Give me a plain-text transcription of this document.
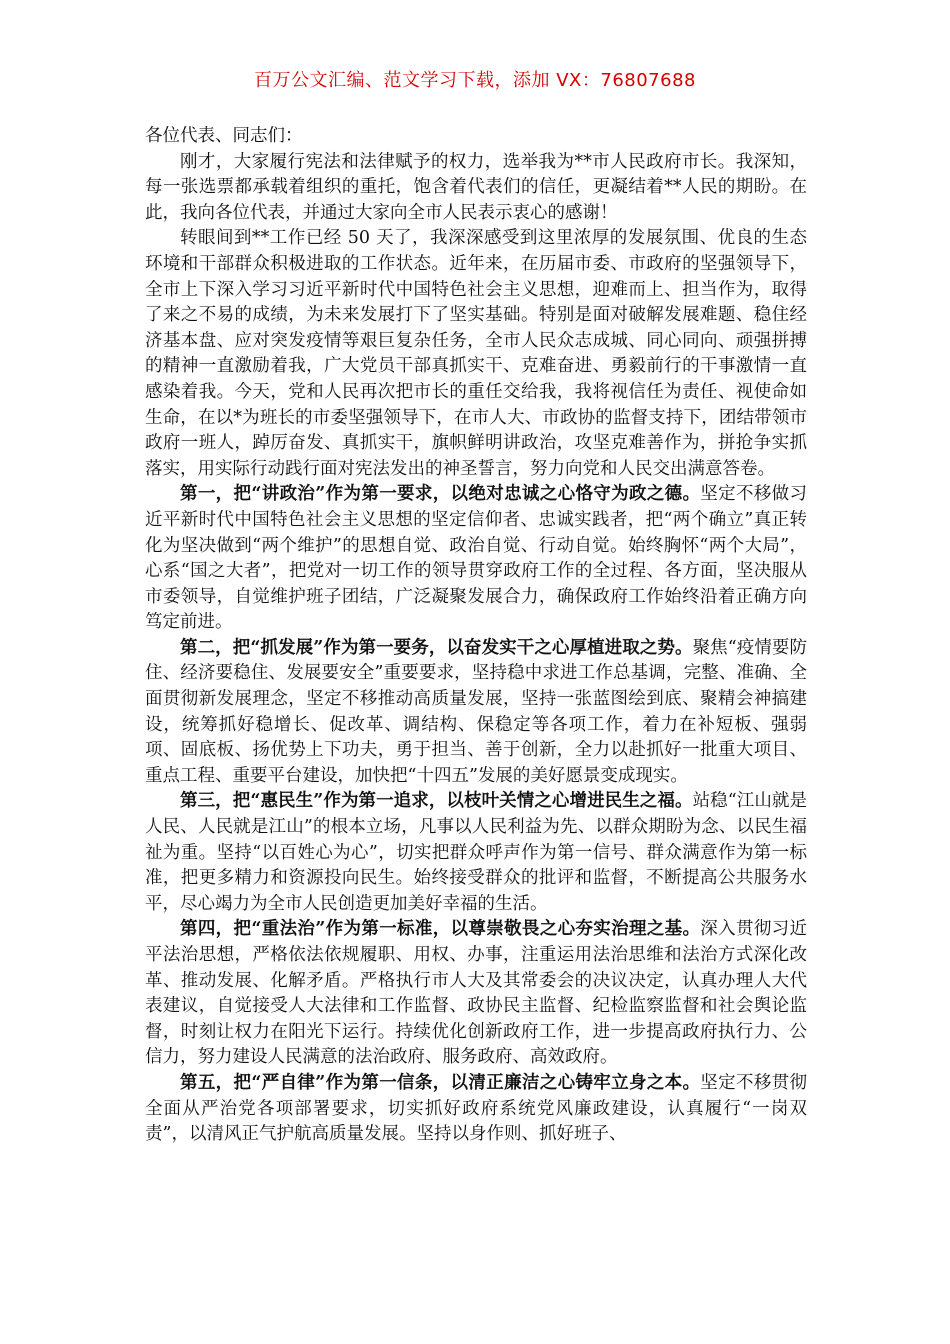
百万公文汇编、范文学习下载，添加 VX：76807688

各位代表、同志们：

刚才，大家履行宪法和法律赋予的权力，选举我为**市人民政府市长。我深知，每一张选票都承载着组织的重托，饱含着代表们的信任，更凝结着**人民的期盼。在此，我向各位代表，并通过大家向全市人民表示衷心的感谢！

转眼间到**工作已经 50 天了，我深深感受到这里浓厚的发展氛围、优良的生态环境和干部群众积极进取的工作状态。近年来，在历届市委、市政府的坚强领导下，全市上下深入学习习近平新时代中国特色社会主义思想，迎难而上、担当作为，取得了来之不易的成绩，为未来发展打下了坚实基础。特别是面对破解发展难题、稳住经济基本盘、应对突发疫情等艰巨复杂任务，全市人民众志成城、同心同向、顽强拼搏的精神一直激励着我，广大党员干部真抓实干、克难奋进、勇毅前行的干事激情一直感染着我。今天，党和人民再次把市长的重任交给我，我将视信任为责任、视使命如生命，在以*为班长的市委坚强领导下，在市人大、市政协的监督支持下，团结带领市政府一班人，踔厉奋发、真抓实干，旗帜鲜明讲政治，攻坚克难善作为，拼抢争实抓落实，用实际行动践行面对宪法发出的神圣誓言，努力向党和人民交出满意答卷。

第一，把“讲政治”作为第一要求，以绝对忠诚之心恪守为政之德。坚定不移做习近平新时代中国特色社会主义思想的坚定信仰者、忠诚实践者，把“两个确立”真正转化为坚决做到“两个维护”的思想自觉、政治自觉、行动自觉。始终胸怀“两个大局”，心系“国之大者”，把党对一切工作的领导贯穿政府工作的全过程、各方面，坚决服从市委领导，自觉维护班子团结，广泛凝聚发展合力，确保政府工作始终沿着正确方向笃定前进。

第二，把“抓发展”作为第一要务，以奋发实干之心厚植进取之势。聚焦“疫情要防住、经济要稳住、发展要安全”重要要求，坚持稳中求进工作总基调，完整、准确、全面贯彻新发展理念，坚定不移推动高质量发展，坚持一张蓝图绘到底、聚精会神搞建设，统筹抓好稳增长、促改革、调结构、保稳定等各项工作，着力在补短板、强弱项、固底板、扬优势上下功夫，勇于担当、善于创新，全力以赴抓好一批重大项目、重点工程、重要平台建设，加快把“十四五”发展的美好愿景变成现实。

第三，把“惠民生”作为第一追求，以枝叶关情之心增进民生之福。站稳“江山就是人民、人民就是江山”的根本立场，凡事以人民利益为先、以群众期盼为念、以民生福祉为重。坚持“以百姓心为心”，切实把群众呼声作为第一信号、群众满意作为第一标准，把更多精力和资源投向民生。始终接受群众的批评和监督，不断提高公共服务水平，尽心竭力为全市人民创造更加美好幸福的生活。

第四，把“重法治”作为第一标准，以尊崇敬畏之心夯实治理之基。深入贯彻习近平法治思想，严格依法依规履职、用权、办事，注重运用法治思维和法治方式深化改革、推动发展、化解矛盾。严格执行市人大及其常委会的决议决定，认真办理人大代表建议，自觉接受人大法律和工作监督、政协民主监督、纪检监察监督和社会舆论监督，时刻让权力在阳光下运行。持续优化创新政府工作，进一步提高政府执行力、公信力，努力建设人民满意的法治政府、服务政府、高效政府。

第五，把“严自律”作为第一信条，以清正廉洁之心铸牢立身之本。坚定不移贯彻全面从严治党各项部署要求，切实抓好政府系统党风廉政建设，认真履行“一岗双责”，以清风正气护航高质量发展。坚持以身作则、抓好班子、
